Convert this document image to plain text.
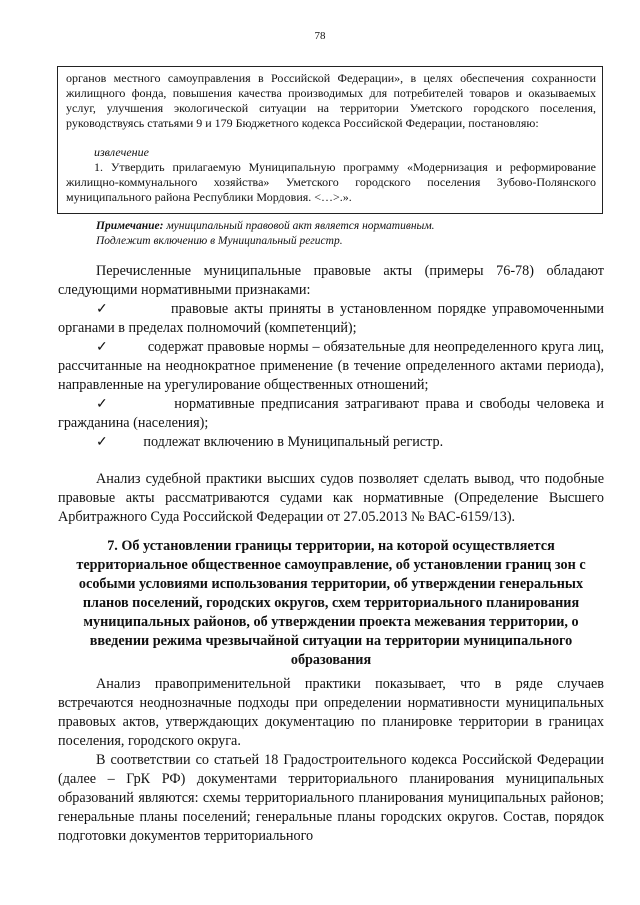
78

органов местного самоуправления в Российской Федерации», в целях обеспечения сохранности жилищного фонда, повышения качества производимых для потребителей товаров и оказываемых услуг, улучшения экологической ситуации на территории Уметского городского поселения, руководствуясь статьями 9 и 179 Бюджетного кодекса Российской Федерации, постановляю:

извлечение

1. Утвердить прилагаемую Муниципальную программу «Модернизация и реформирование жилищно-коммунального хозяйства» Уметского городского поселения Зубово-Полянского муниципального района Республики Мордовия. <…>.».

Примечание: муниципальный правовой акт является нормативным.

Подлежит включению в Муниципальный регистр.

Перечисленные муниципальные правовые акты (примеры 76-78) обладают следующими нормативными признаками:

✓	правовые акты приняты в установленном порядке управомоченными органами в пределах полномочий (компетенций);

✓	содержат правовые нормы – обязательные для неопределенного круга лиц, рассчитанные на неоднократное применение (в течение определенного актами периода), направленные на урегулирование общественных отношений;

✓	нормативные предписания затрагивают права и свободы человека и гражданина (населения);

✓ подлежат включению в Муниципальный регистр.

Анализ судебной практики высших судов позволяет сделать вывод, что подобные правовые акты рассматриваются судами как нормативные (Определение Высшего Арбитражного Суда Российской Федерации от 27.05.2013 № ВАС-6159/13).

7. Об установлении границы территории, на которой осуществляется территориальное общественное самоуправление, об установлении границ зон с особыми условиями использования территории, об утверждении генеральных планов поселений, городских округов, схем территориального планирования муниципальных районов, об утверждении проекта межевания территории, о введении режима чрезвычайной ситуации на территории муниципального образования

Анализ правоприменительной практики показывает, что в ряде случаев встречаются неоднозначные подходы при определении нормативности муниципальных правовых актов, утверждающих документацию по планировке территории в границах поселения, городского округа.

В соответствии со статьей 18 Градостроительного кодекса Российской Федерации (далее – ГрК РФ) документами территориального планирования муниципальных образований являются: схемы территориального планирования муниципальных районов; генеральные планы поселений; генеральные планы городских округов. Состав, порядок подготовки документов территориального
